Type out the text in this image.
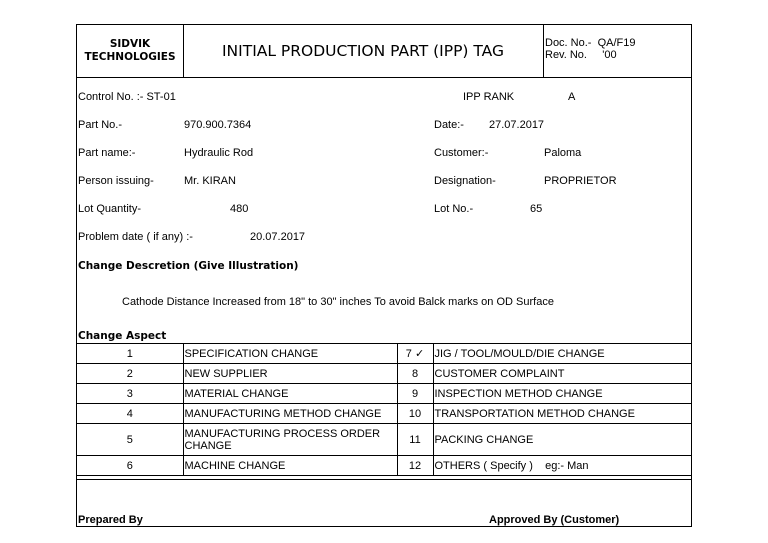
SIDVIK
TECHNOLOGIES	INITIAL PRODUCTION PART (IPP) TAG	Doc. No.-  QA/F19
Rev. No.     '00
Control No. :- ST-01	IPP RANK	A
Part No.-	970.900.7364	Date:- 27.07.2017
Part name:-	Hydraulic Rod	Customer:-	Paloma
Person issuing-	Mr. KIRAN	Designation-	PROPRIETOR
Lot Quantity-	480	Lot No.-	65
Problem date ( if any) :-	20.07.2017
Change Descretion (Give Illustration)
Cathode Distance Increased from 18" to 30" inches To avoid Balck marks on OD Surface
Change Aspect
1	SPECIFICATION CHANGE	7 ✓	JIG / TOOL/MOULD/DIE CHANGE
2	NEW SUPPLIER	8	CUSTOMER COMPLAINT
3	MATERIAL CHANGE	9	INSPECTION METHOD CHANGE
4	MANUFACTURING METHOD CHANGE	10	TRANSPORTATION METHOD CHANGE
5	MANUFACTURING PROCESS ORDER CHANGE	11	PACKING CHANGE
6	MACHINE CHANGE	12	OTHERS ( Specify )    eg:- Man
Prepared By	Approved By (Customer)
